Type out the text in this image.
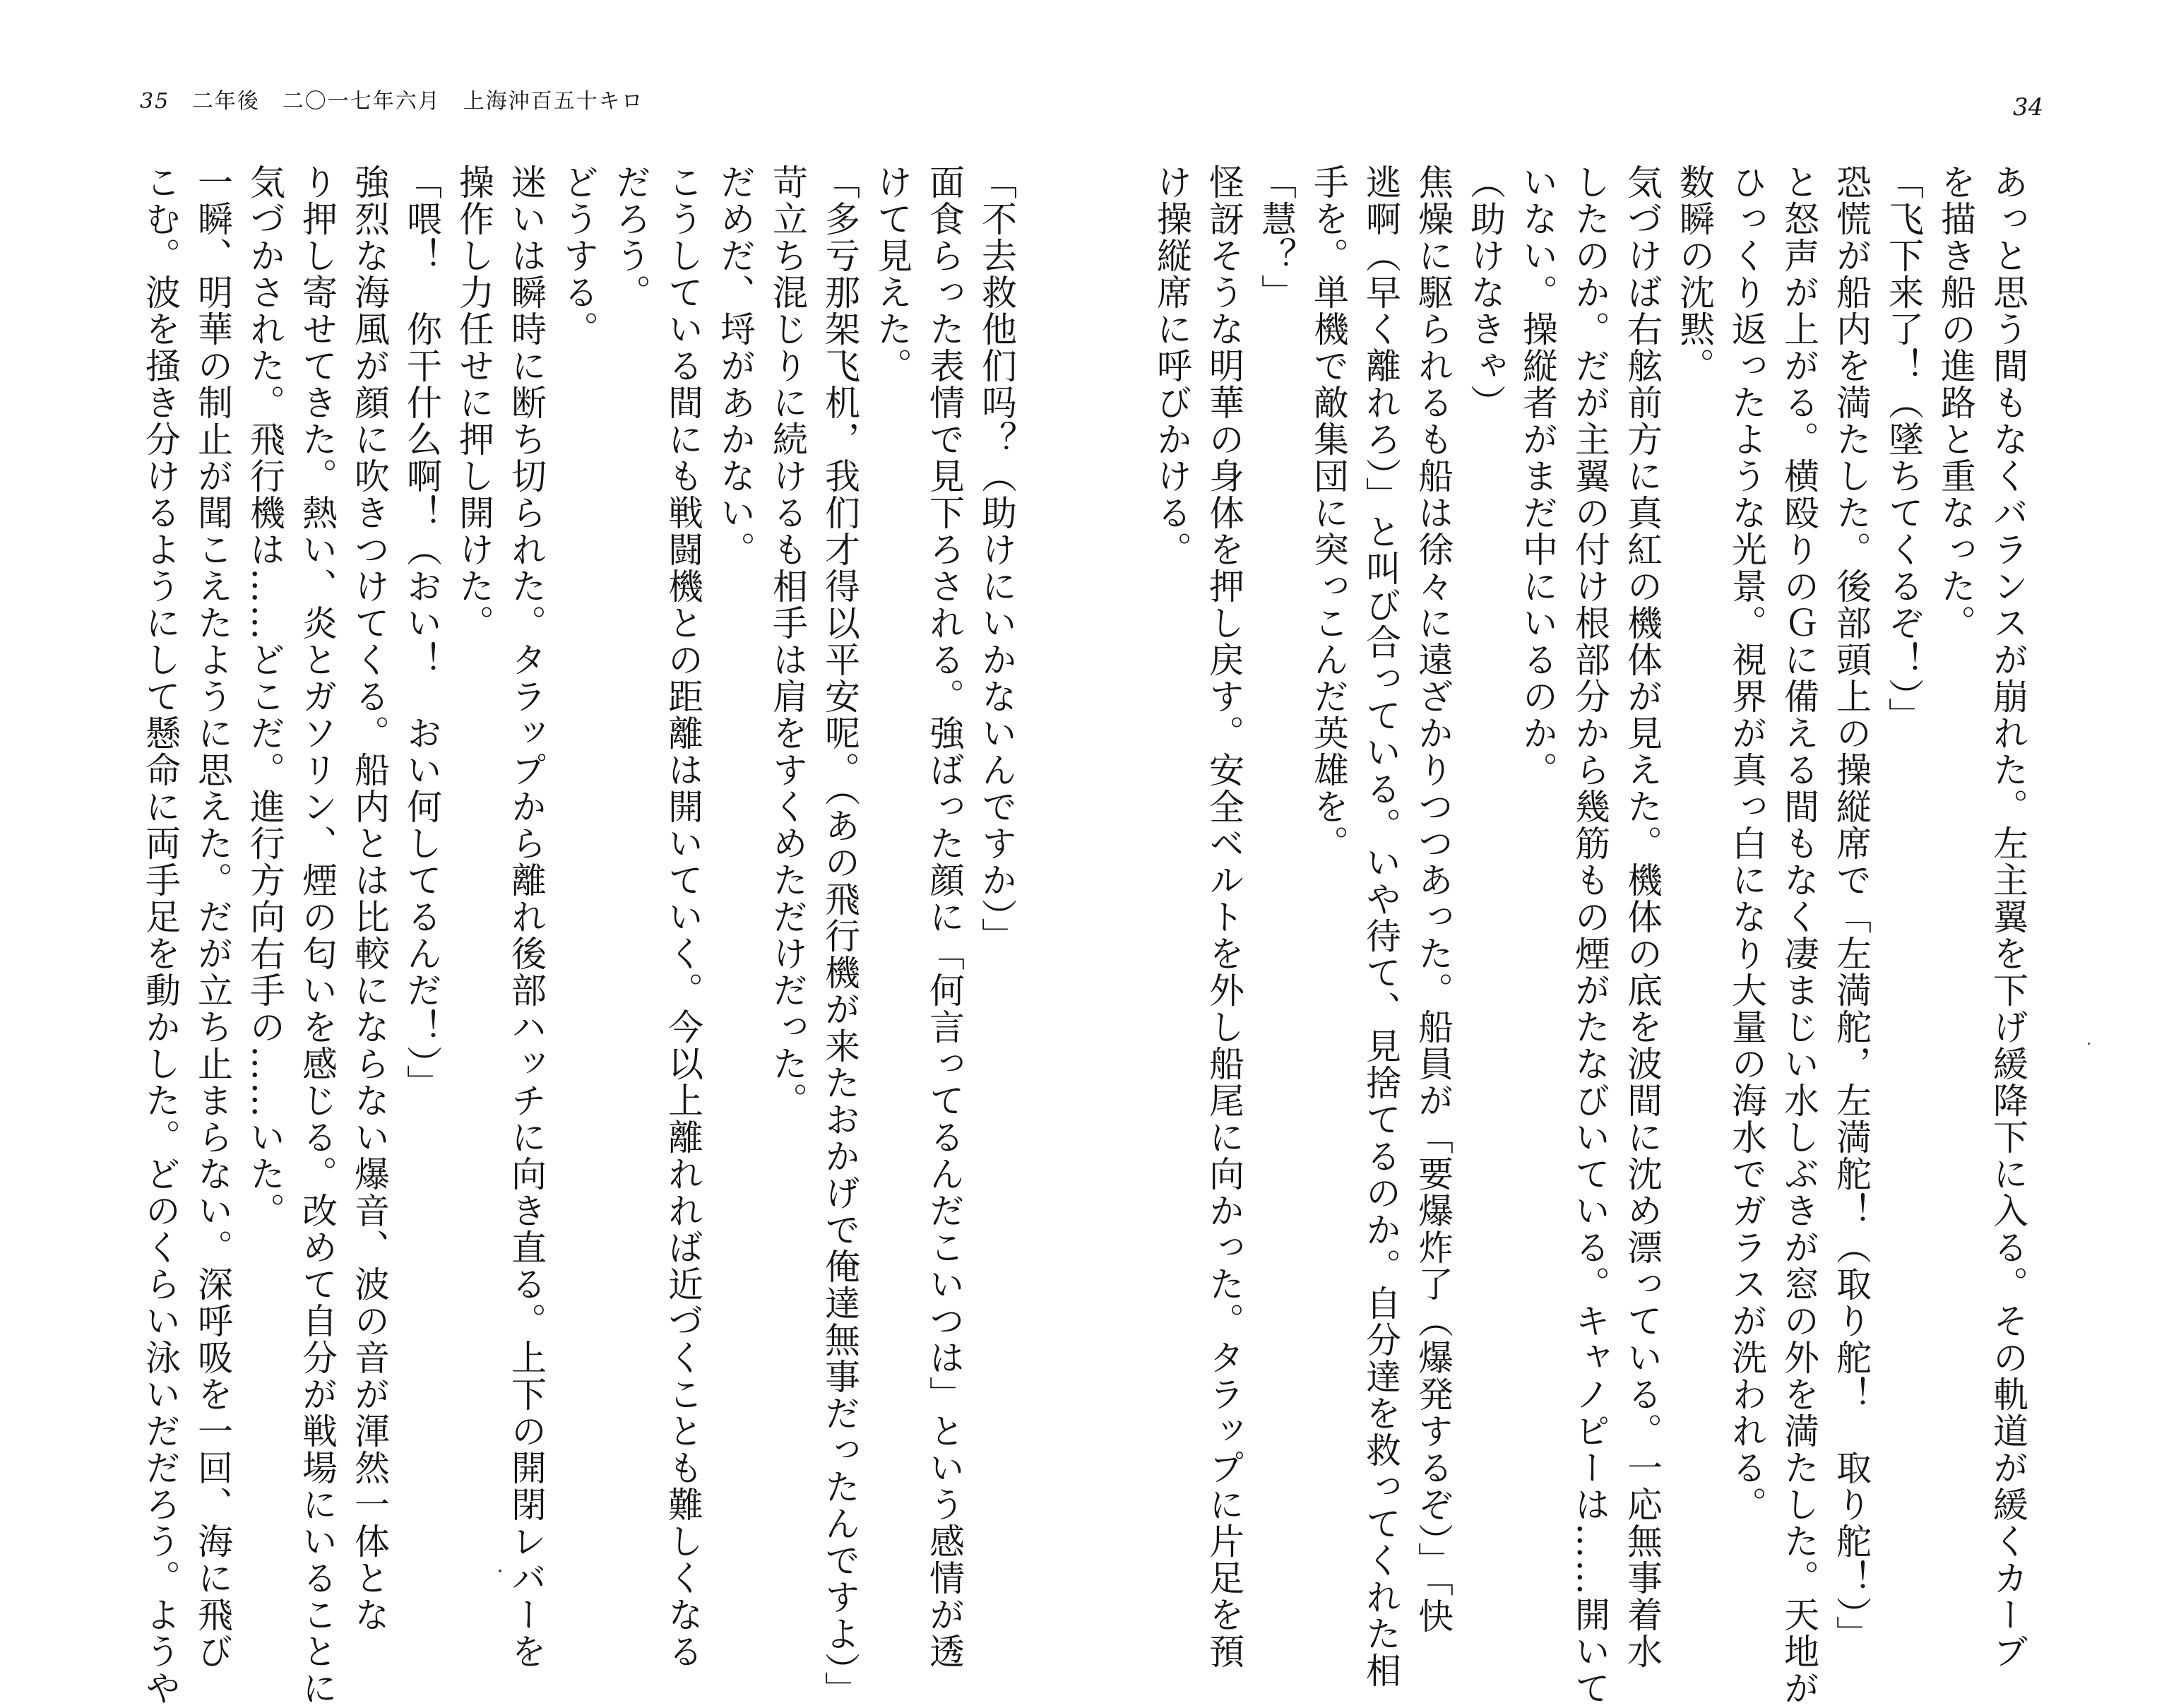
35 二年後　二〇一七年六月　上海沖百五十キロ	34
あっと思う間もなくバランスが崩れた。左主翼を下げ緩降下に入る。その軌道が緩くカーブ
を描き船の進路と重なった。
「飞下来了！（墜ちてくるぞ！）」
恐慌が船内を満たした。後部頭上の操縦席で「左満舵，左満舵！（取り舵！　取り舵！）」
と怒声が上がる。横殴りのＧに備える間もなく凄まじい水しぶきが窓の外を満たした。天地が
ひっくり返ったような光景。視界が真っ白になり大量の海水でガラスが洗われる。
数瞬の沈黙。
気づけば右舷前方に真紅の機体が見えた。機体の底を波間に沈め漂っている。一応無事着水
したのか。だが主翼の付け根部分から幾筋もの煙がたなびいている。キャノピーは……開いて
いない。操縦者がまだ中にいるのか。
（助けなきゃ）
焦燥に駆られるも船は徐々に遠ざかりつつあった。船員が「要爆炸了（爆発するぞ）」「快
逃啊（早く離れろ）」と叫び合っている。いや待て、見捨てるのか。自分達を救ってくれた相
手を。単機で敵集団に突っこんだ英雄を。
「慧？」
怪訝そうな明華の身体を押し戻す。安全ベルトを外し船尾に向かった。タラップに片足を預
け操縦席に呼びかける。
「不去救他们吗？（助けにいかないんですか）」
面食らった表情で見下ろされる。強ばった顔に「何言ってるんだこいつは」という感情が透
けて見えた。
「多亏那架飞机，我们才得以平安呢。（あの飛行機が来たおかげで俺達無事だったんですよ）」
苛立ち混じりに続けるも相手は肩をすくめただけだった。
だめだ、埒があかない。
こうしている間にも戦闘機との距離は開いていく。今以上離れれば近づくことも難しくなる
だろう。
どうする。
迷いは瞬時に断ち切られた。タラップから離れ後部ハッチに向き直る。上下の開閉レバーを
操作し力任せに押し開けた。
「喂！　你干什么啊！（おい！　おい何してるんだ！）」
強烈な海風が顔に吹きつけてくる。船内とは比較にならない爆音、波の音が渾然一体とな
り押し寄せてきた。熱い、炎とガソリン、煙の匂いを感じる。改めて自分が戦場にいることに
気づかされた。飛行機は……どこだ。進行方向右手の……いた。
一瞬、明華の制止が聞こえたように思えた。だが立ち止まらない。深呼吸を一回、海に飛び
こむ。波を掻き分けるようにして懸命に両手足を動かした。どのくらい泳いだだろう。ようや
